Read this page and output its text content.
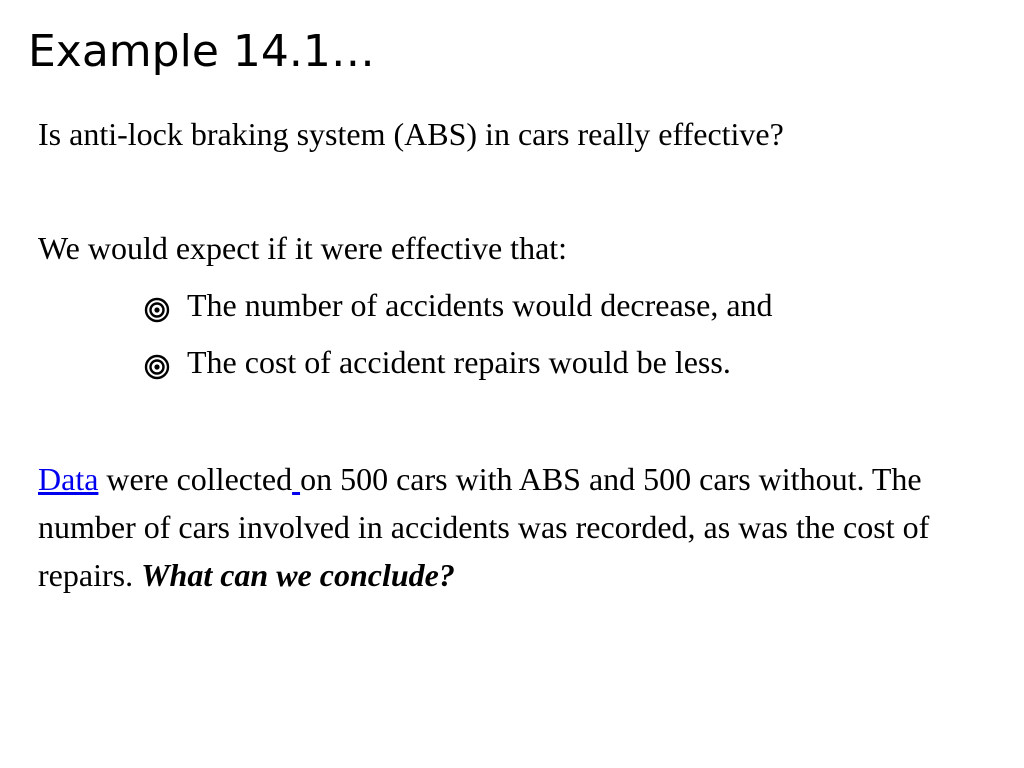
Example 14.1…
Is anti-lock braking system (ABS) in cars really effective?
We would expect if it were effective that:
The number of accidents would decrease, and
The cost of accident repairs would be less.
Data were collected on 500 cars with ABS and 500 cars without. The number of cars involved in accidents was recorded, as was the cost of repairs. What can we conclude?
